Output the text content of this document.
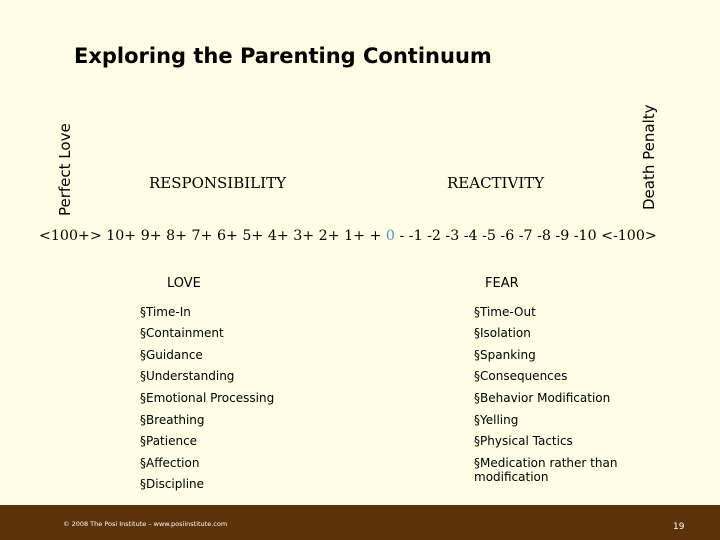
Exploring the Parenting Continuum
Perfect Love	Death Penalty
RESPONSIBILITY	REACTIVITY
<100+> 10+ 9+ 8+ 7+ 6+ 5+ 4+ 3+ 2+ 1+ + 0 - -1 -2 -3 -4 -5 -6 -7 -8 -9 -10 <-100>
LOVE	FEAR
§Time-In
§Containment
§Guidance
§Understanding
§Emotional Processing
§Breathing
§Patience
§Affection
§Discipline
§Time-Out
§Isolation
§Spanking
§Consequences
§Behavior Modification
§Yelling
§Physical Tactics
§Medication rather than modification
© 2008 The Posi Institute – www.posiinstitute.com	19
